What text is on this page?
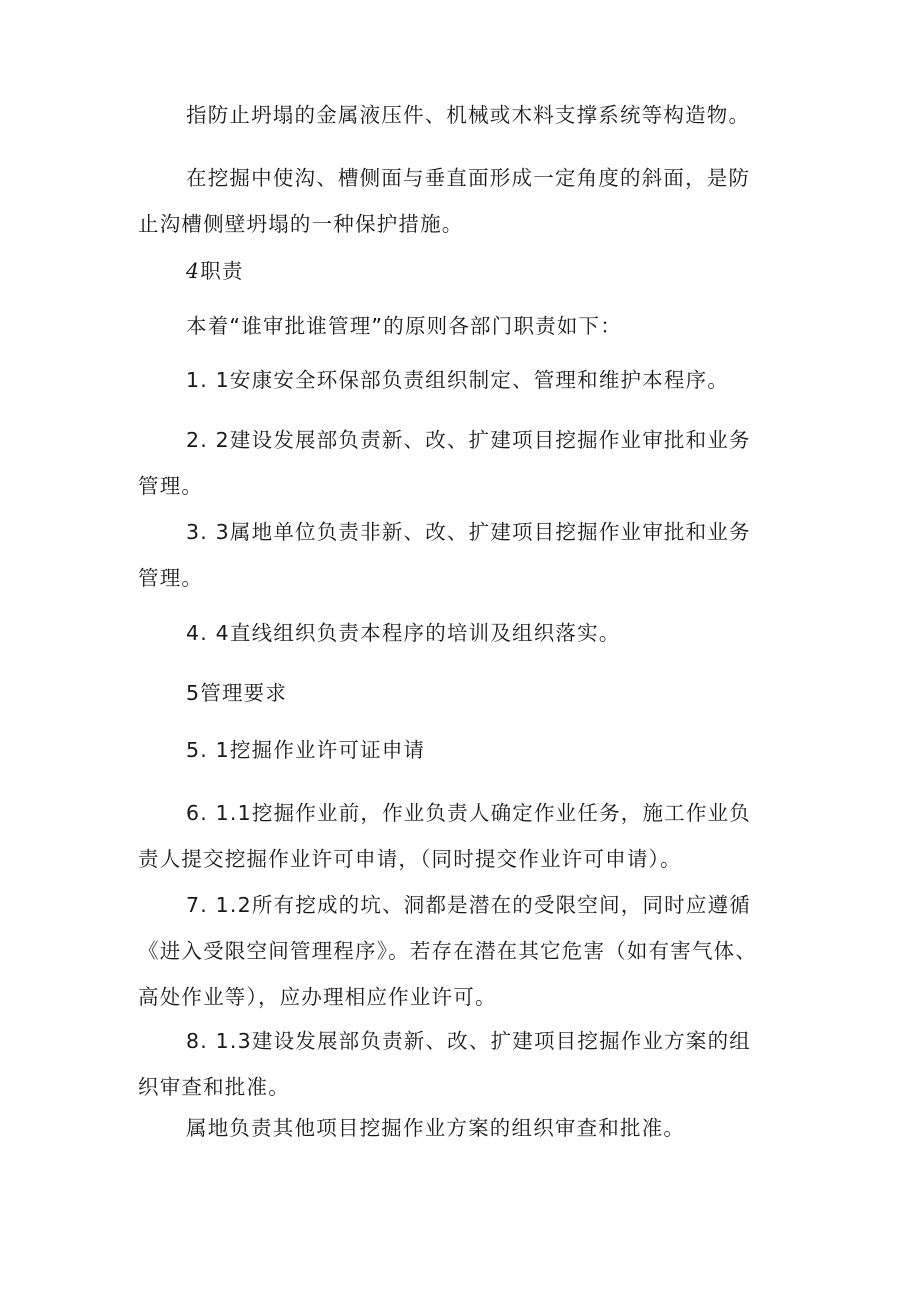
指防止坍塌的金属液压件、机械或木料支撑系统等构造物。
在挖掘中使沟、槽侧面与垂直面形成一定角度的斜面，是防
止沟槽侧壁坍塌的一种保护措施。
4职责
本着“谁审批谁管理”的原则各部门职责如下：
1. 1安康安全环保部负责组织制定、管理和维护本程序。
2. 2建设发展部负责新、改、扩建项目挖掘作业审批和业务
管理。
3. 3属地单位负责非新、改、扩建项目挖掘作业审批和业务
管理。
4. 4直线组织负责本程序的培训及组织落实。
5管理要求
5. 1挖掘作业许可证申请
6. 1.1挖掘作业前，作业负责人确定作业任务，施工作业负
责人提交挖掘作业许可申请，（同时提交作业许可申请）。
7. 1.2所有挖成的坑、洞都是潜在的受限空间，同时应遵循
《进入受限空间管理程序》。若存在潜在其它危害（如有害气体、
高处作业等），应办理相应作业许可。
8. 1.3建设发展部负责新、改、扩建项目挖掘作业方案的组
织审查和批准。
属地负责其他项目挖掘作业方案的组织审查和批准。
